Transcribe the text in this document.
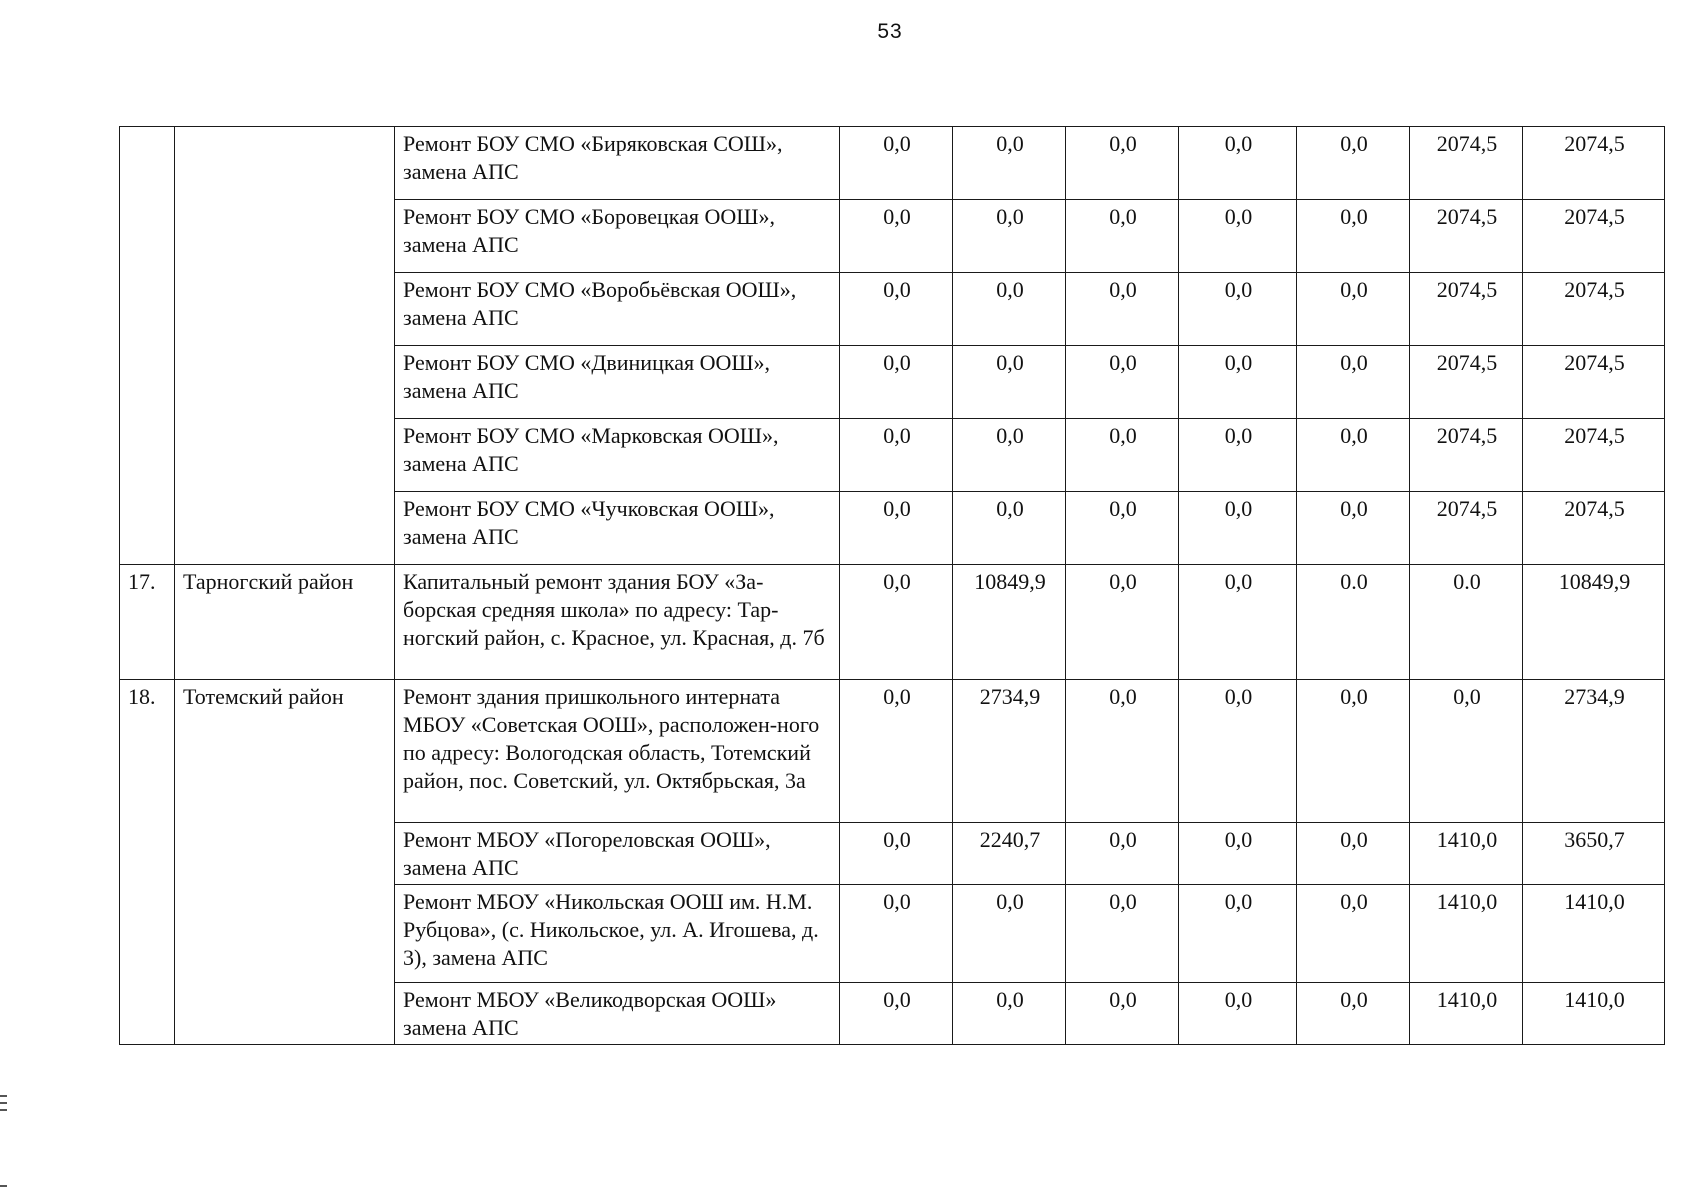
53
		Ремонт БОУ СМО «Биряковская СОШ», замена АПС	0,0	0,0	0,0	0,0	0,0	2074,5	2074,5
		Ремонт БОУ СМО «Боровецкая ООШ», замена АПС	0,0	0,0	0,0	0,0	0,0	2074,5	2074,5
		Ремонт БОУ СМО «Воробьёвская ООШ», замена АПС	0,0	0,0	0,0	0,0	0,0	2074,5	2074,5
		Ремонт БОУ СМО «Двиницкая ООШ», замена АПС	0,0	0,0	0,0	0,0	0,0	2074,5	2074,5
		Ремонт БОУ СМО «Марковская ООШ», замена АПС	0,0	0,0	0,0	0,0	0,0	2074,5	2074,5
		Ремонт БОУ СМО «Чучковская ООШ», замена АПС	0,0	0,0	0,0	0,0	0,0	2074,5	2074,5
17.	Тарногский район	Капитальный ремонт здания БОУ «За-борская средняя школа» по адресу: Тар-ногский район, с. Красное, ул. Красная, д. 7б	0,0	10849,9	0,0	0,0	0.0	0.0	10849,9
18.	Тотемский район	Ремонт здания пришкольного интерната МБОУ «Советская ООШ», расположен-ного по адресу: Вологодская область, Тотемский район, пос. Советский, ул. Октябрьская, 3а	0,0	2734,9	0,0	0,0	0,0	0,0	2734,9
		Ремонт МБОУ «Погореловская ООШ», замена АПС	0,0	2240,7	0,0	0,0	0,0	1410,0	3650,7
		Ремонт МБОУ «Никольская ООШ им. Н.М. Рубцова», (с. Никольское, ул. А. Игошева, д. 3), замена АПС	0,0	0,0	0,0	0,0	0,0	1410,0	1410,0
		Ремонт МБОУ «Великодворская ООШ» замена АПС	0,0	0,0	0,0	0,0	0,0	1410,0	1410,0
